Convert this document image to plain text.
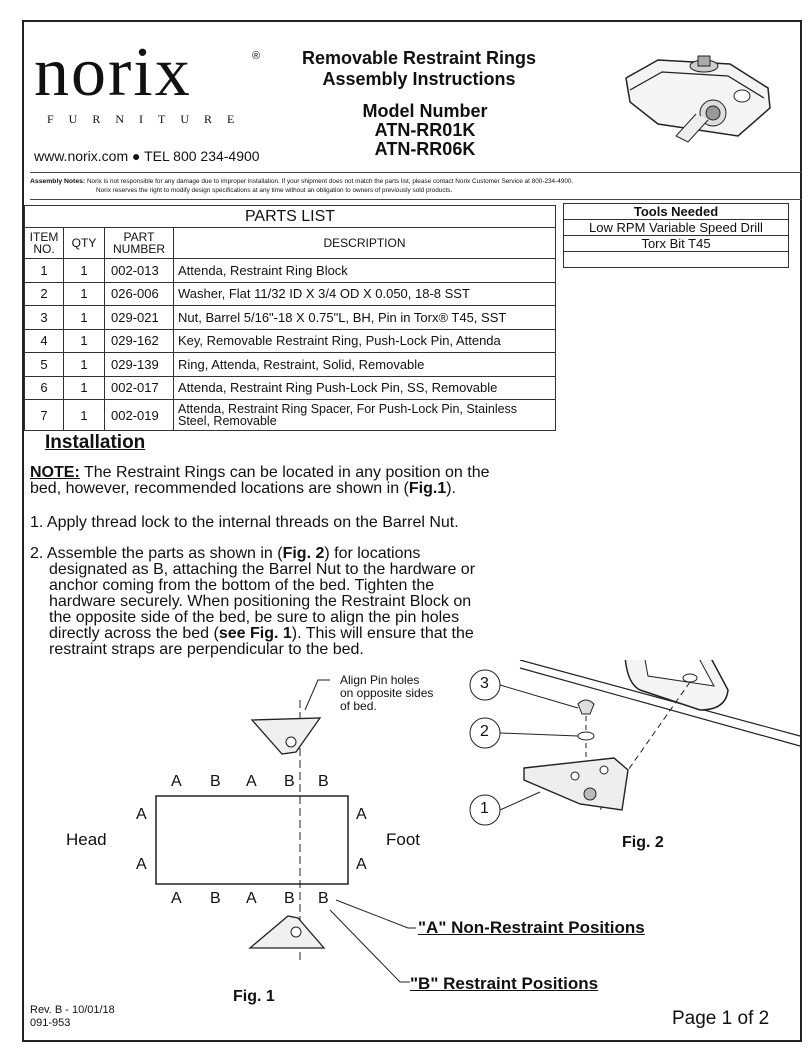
norix	®
FURNITURE
www.norix.com ● TEL 800 234-4900
Removable Restraint Rings
Assembly Instructions
Model Number
ATN-RR01K
ATN-RR06K
Assembly Notes: Norix is not responsible for any damage due to improper installation. If your shipment does not match the parts list, please contact Norix Customer Service at 800-234-4900.
Norix reserves the right to modify design specifications at any time without an obligation to owners of previously sold products.
PARTS LIST			
ITEM NO.	QTY	PART NUMBER	DESCRIPTION
1	1	002-013	Attenda, Restraint Ring Block
2	1	026-006	Washer, Flat 11/32 ID X 3/4 OD X 0.050, 18-8 SST
3	1	029-021	Nut, Barrel 5/16"-18 X 0.75"L, BH, Pin in Torx® T45, SST
4	1	029-162	Key, Removable Restraint Ring, Push-Lock Pin, Attenda
5	1	029-139	Ring, Attenda, Restraint, Solid, Removable
6	1	002-017	Attenda, Restraint Ring Push-Lock Pin, SS, Removable
7	1	002-019	Attenda, Restraint Ring Spacer, For Push-Lock Pin, Stainless Steel, Removable
Tools Needed
Low RPM Variable Speed Drill
Torx Bit T45

Installation
NOTE: The Restraint Rings can be located in any position on the
bed, however, recommended locations are shown in (Fig.1).
1. Apply thread lock to the internal threads on the Barrel Nut.
2. Assemble the parts as shown in (Fig. 2) for locations
designated as B, attaching the Barrel Nut to the hardware or
anchor coming from the bottom of the bed. Tighten the
hardware securely. When positioning the Restraint Block on
the opposite side of the bed, be sure to align the pin holes
directly across the bed (see Fig. 1). This will ensure that the
restraint straps are perpendicular to the bed.
Align Pin holes
on opposite sides
of bed.
A B A B B
A B A B B
A
A
A
A
Head	Foot
"A" Non-Restraint Positions
"B" Restraint Positions
Fig. 1
3
2
1
Fig. 2
Rev. B - 10/01/18
091-953	Page 1 of 2
